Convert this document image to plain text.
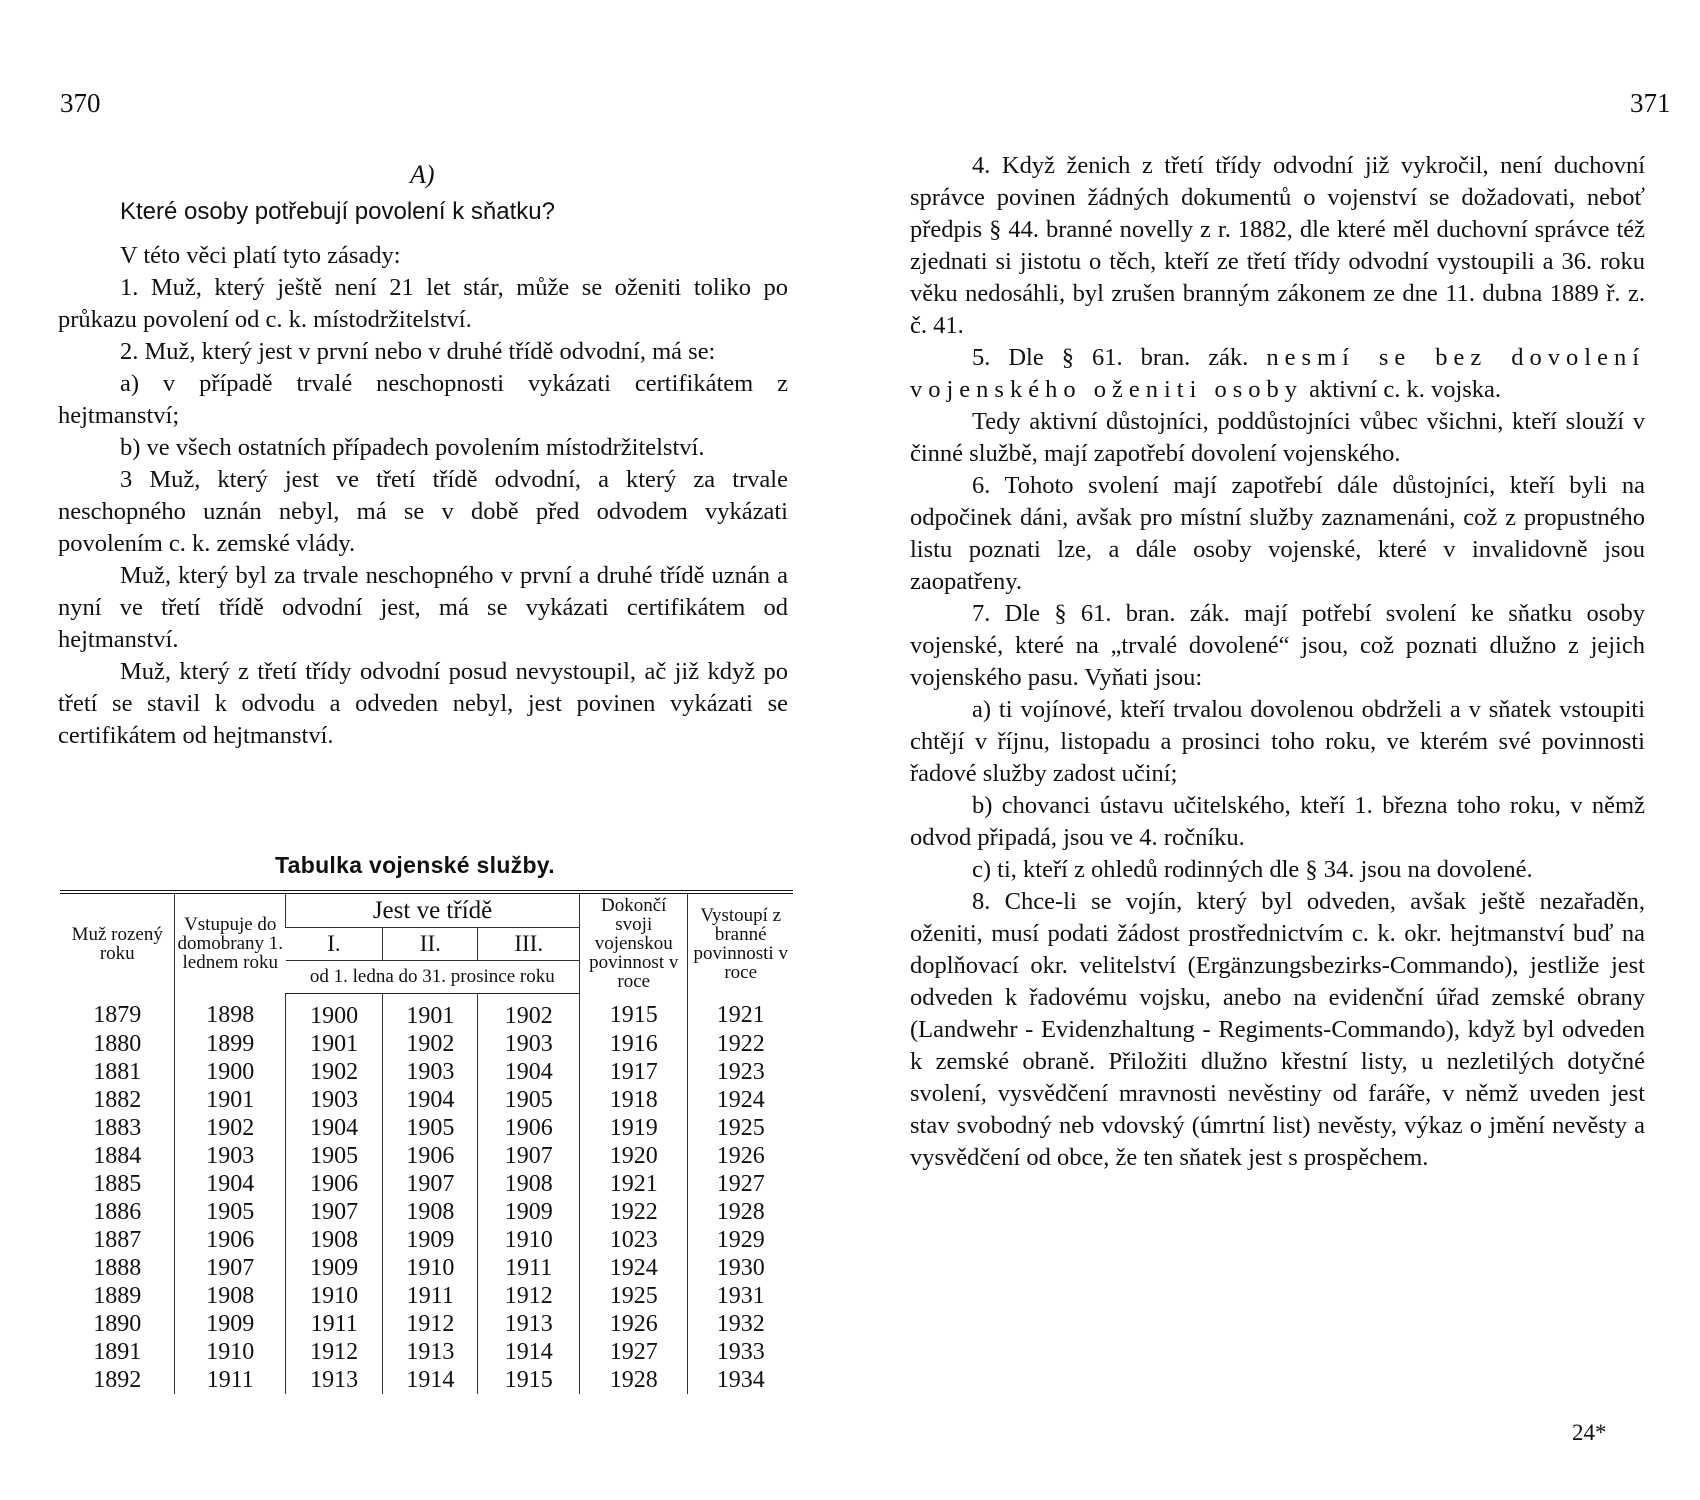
370
A)
Které osoby potřebují povolení k sňatku?

V této věci platí tyto zásady:

1. Muž, který ještě není 21 let stár, může se oženiti toliko po průkazu povolení od c. k. místodržitelství.

2. Muž, který jest v první nebo v druhé třídě odvodní, má se:

a) v případě trvalé neschopnosti vykázati certifikátem z hejtmanství;

b) ve všech ostatních případech povolením místodržitelství.

3 Muž, který jest ve třetí třídě odvodní, a který za trvale neschopného uznán nebyl, má se v době před odvodem vykázati povolením c. k. zemské vlády.

Muž, který byl za trvale neschopného v první a druhé třídě uznán a nyní ve třetí třídě odvodní jest, má se vykázati certifikátem od hejtmanství.

Muž, který z třetí třídy odvodní posud nevystoupil, ač již když po třetí se stavil k odvodu a odveden nebyl, jest povinen vykázati se certifikátem od hejtmanství.

Tabulka vojenské služby.
Muž rozený roku	Vstupuje do domobrany 1. lednem roku	Jest ve třídě			Dokončí svoji vojenskou povinnost v roce	Vystoupí z branné povinnosti v roce
		I.	II.	III.		
		od 1. ledna do 31. prosince roku				
1879	1898	1900	1901	1902	1915	1921
1880	1899	1901	1902	1903	1916	1922
1881	1900	1902	1903	1904	1917	1923
1882	1901	1903	1904	1905	1918	1924
1883	1902	1904	1905	1906	1919	1925
1884	1903	1905	1906	1907	1920	1926
1885	1904	1906	1907	1908	1921	1927
1886	1905	1907	1908	1909	1922	1928
1887	1906	1908	1909	1910	1023	1929
1888	1907	1909	1910	1911	1924	1930
1889	1908	1910	1911	1912	1925	1931
1890	1909	1911	1912	1913	1926	1932
1891	1910	1912	1913	1914	1927	1933
1892	1911	1913	1914	1915	1928	1934
371

4. Když ženich z třetí třídy odvodní již vykročil, není duchovní správce povinen žádných dokumentů o vojenství se dožadovati, neboť předpis § 44. branné novelly z r. 1882, dle které měl duchovní správce též zjednati si jistotu o těch, kteří ze třetí třídy odvodní vystoupili a 36. roku věku nedosáhli, byl zrušen branným zákonem ze dne 11. dubna 1889 ř. z. č. 41.

5. Dle § 61. bran. zák. nesmí se bez dovolení vojenského oženiti osoby aktivní c. k. vojska.

Tedy aktivní důstojníci, poddůstojníci vůbec všichni, kteří slouží v činné službě, mají zapotřebí dovolení vojenského.

6. Tohoto svolení mají zapotřebí dále důstojníci, kteří byli na odpočinek dáni, avšak pro místní služby zaznamenáni, což z propustného listu poznati lze, a dále osoby vojenské, které v invalidovně jsou zaopatřeny.

7. Dle § 61. bran. zák. mají potřebí svolení ke sňatku osoby vojenské, které na „trvalé dovolené“ jsou, což poznati dlužno z jejich vojenského pasu. Vyňati jsou:

a) ti vojínové, kteří trvalou dovolenou obdrželi a v sňatek vstoupiti chtějí v říjnu, listopadu a prosinci toho roku, ve kterém své povinnosti řadové služby zadost učiní;

b) chovanci ústavu učitelského, kteří 1. března toho roku, v němž odvod připadá, jsou ve 4. ročníku.

c) ti, kteří z ohledů rodinných dle § 34. jsou na dovolené.

8. Chce-li se vojín, který byl odveden, avšak ještě nezařaděn, oženiti, musí podati žádost prostřednictvím c. k. okr. hejtmanství buď na doplňovací okr. velitelství (Ergänzungsbezirks-Commando), jestliže jest odveden k řadovému vojsku, anebo na evidenční úřad zemské obrany (Landwehr - Evidenzhaltung - Regiments-Commando), když byl odveden k zemské obraně. Přiložiti dlužno křestní listy, u nezletilých dotyčné svolení, vysvědčení mravnosti nevěstiny od faráře, v němž uveden jest stav svobodný neb vdovský (úmrtní list) nevěsty, výkaz o jmění nevěsty a vysvědčení od obce, že ten sňatek jest s prospěchem.

24*
